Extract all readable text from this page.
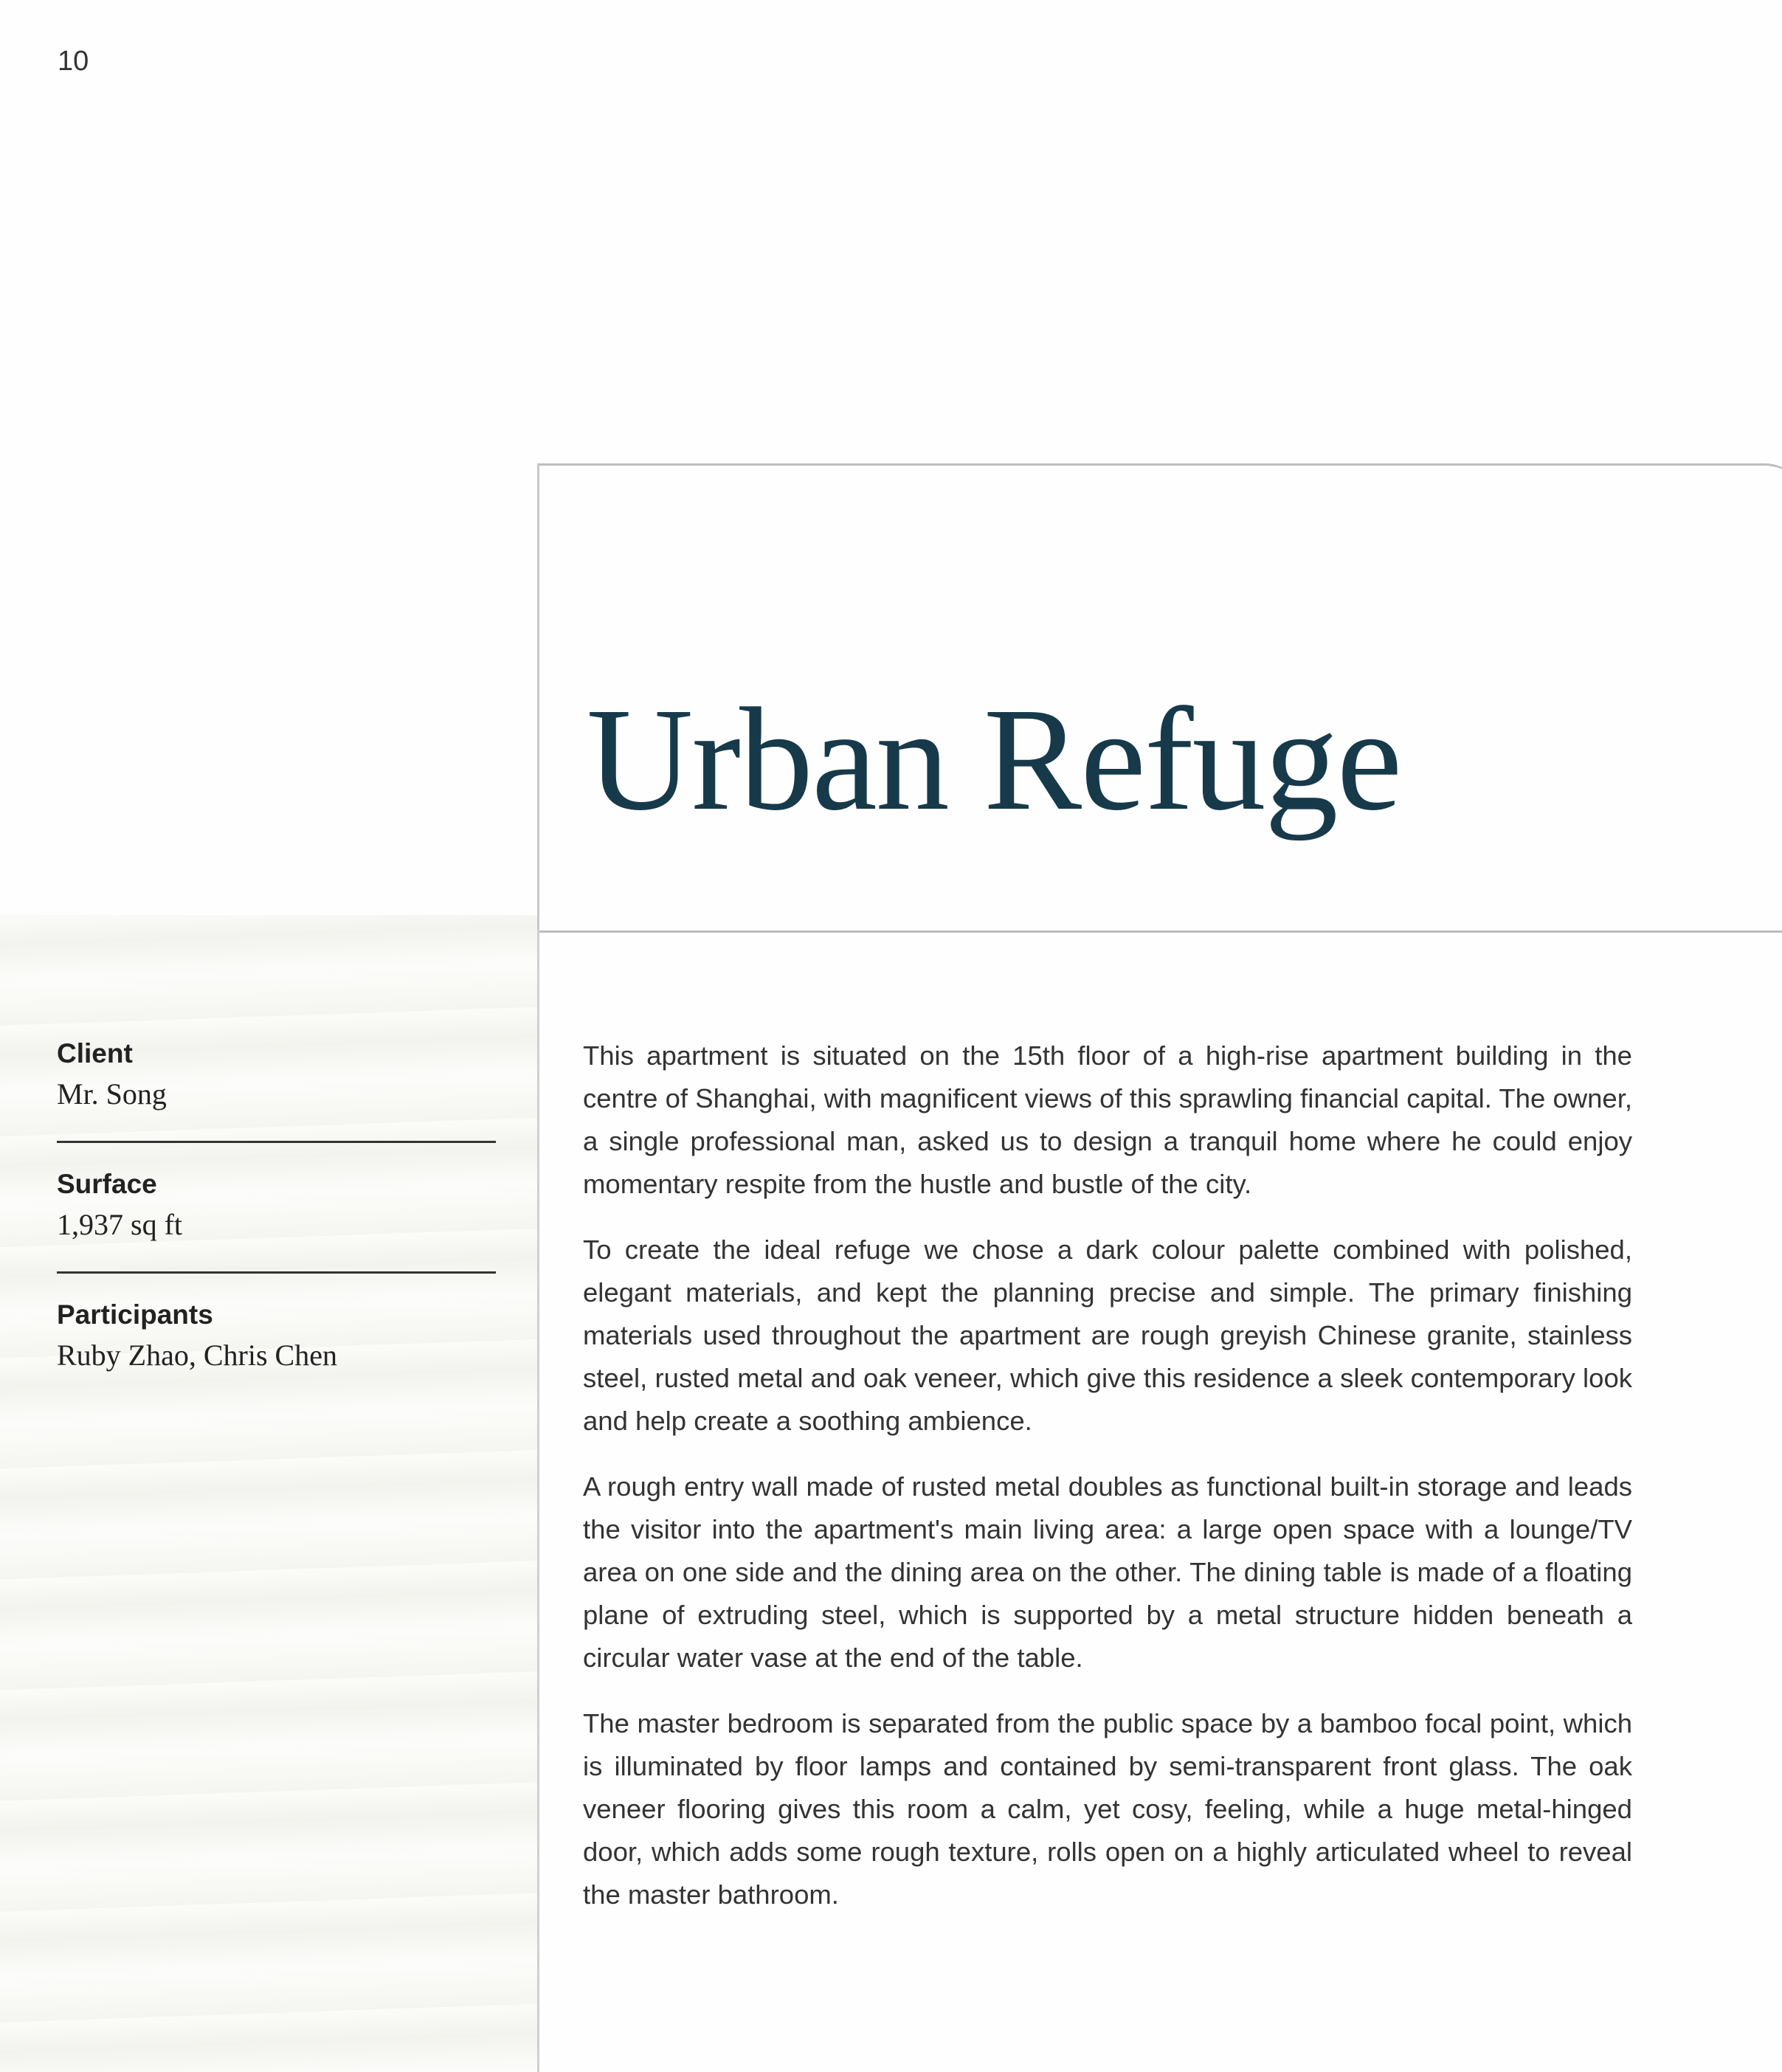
10
Urban Refuge
Client
Mr. Song
Surface
1,937 sq ft
Participants
Ruby Zhao, Chris Chen

This apartment is situated on the 15th floor of a high-rise apartment building in the centre of Shanghai, with magnificent views of this sprawling financial capital. The owner, a single professional man, asked us to design a tranquil home where he could enjoy momentary respite from the hustle and bustle of the city.

To create the ideal refuge we chose a dark colour palette combined with polished, elegant materials, and kept the planning precise and simple. The primary finishing materials used throughout the apartment are rough greyish Chinese granite, stainless steel, rusted metal and oak veneer, which give this residence a sleek contemporary look and help create a soothing ambience.

A rough entry wall made of rusted metal doubles as functional built-in storage and leads the visitor into the apartment's main living area: a large open space with a lounge/TV area on one side and the dining area on the other. The dining table is made of a floating plane of extruding steel, which is supported by a metal structure hidden beneath a circular water vase at the end of the table.

The master bedroom is separated from the public space by a bamboo focal point, which is illuminated by floor lamps and contained by semi-transparent front glass. The oak veneer flooring gives this room a calm, yet cosy, feeling, while a huge metal-hinged door, which adds some rough texture, rolls open on a highly articulated wheel to reveal the master bathroom.
